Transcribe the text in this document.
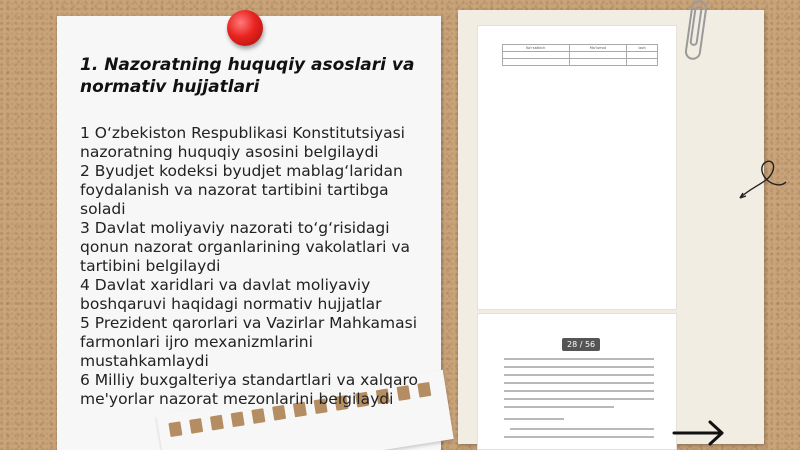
1. Nazoratning huquqiy asoslari va normativ hujjatlari
1 O‘zbekiston Respublikasi Konstitutsiyasi nazoratning huquqiy asosini belgilaydi
2 Byudjet kodeksi byudjet mablag‘laridan foydalanish va nazorat tartibini tartibga soladi
3 Davlat moliyaviy nazorati to‘g‘risidagi qonun nazorat organlarining vakolatlari va tartibini belgilaydi
4 Davlat xaridlari va davlat moliyaviy boshqaruvi haqidagi normativ hujjatlar
5 Prezident qarorlari va Vazirlar Mahkamasi farmonlari ijro mexanizmlarini mustahkamlaydi
6 Milliy buxgalteriya standartlari va xalqaro me'yorlar nazorat mezonlarini belgilaydi
Ko'rsatkich	Ma'lumot	Izoh

28 / 56
